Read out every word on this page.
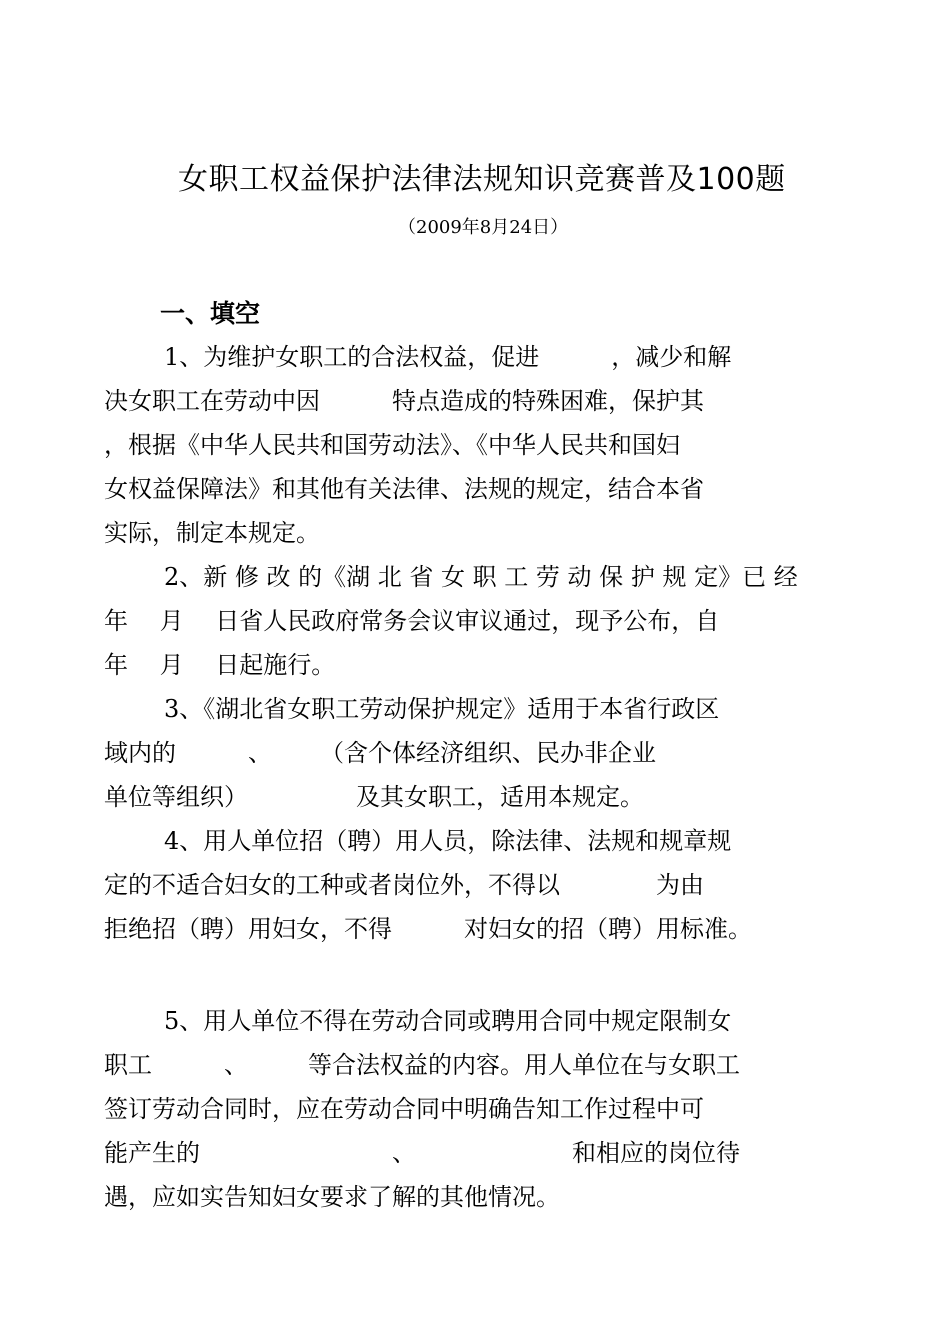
女职工权益保护法律法规知识竞赛普及100题
（2009年8月24日）
一、填空
1、为维护女职工的合法权益，促进　　　，减少和解
决女职工在劳动中因　　　特点造成的特殊困难，保护其
，根据《中华人民共和国劳动法》、《中华人民共和国妇
女权益保障法》和其他有关法律、法规的规定，结合本省
实际，制定本规定。
2、新 修 改 的《湖 北 省 女 职 工 劳 动 保 护 规 定》已 经
年　 月　 日省人民政府常务会议审议通过，现予公布，自
年　 月　 日起施行。
3、《湖北省女职工劳动保护规定》适用于本省行政区
域内的　　　、　　　（含个体经济组织、民办非企业
单位等组织）　　　　　及其女职工，适用本规定。
4、用人单位招（聘）用人员，除法律、法规和规章规
定的不适合妇女的工种或者岗位外，不得以　　　　为由
拒绝招（聘）用妇女，不得　　　对妇女的招（聘）用标准。
5、用人单位不得在劳动合同或聘用合同中规定限制女
职工　　　、　　　等合法权益的内容。用人单位在与女职工
签订劳动合同时，应在劳动合同中明确告知工作过程中可
能产生的　　　　　　　　、　　　　　　　和相应的岗位待
遇，应如实告知妇女要求了解的其他情况。
